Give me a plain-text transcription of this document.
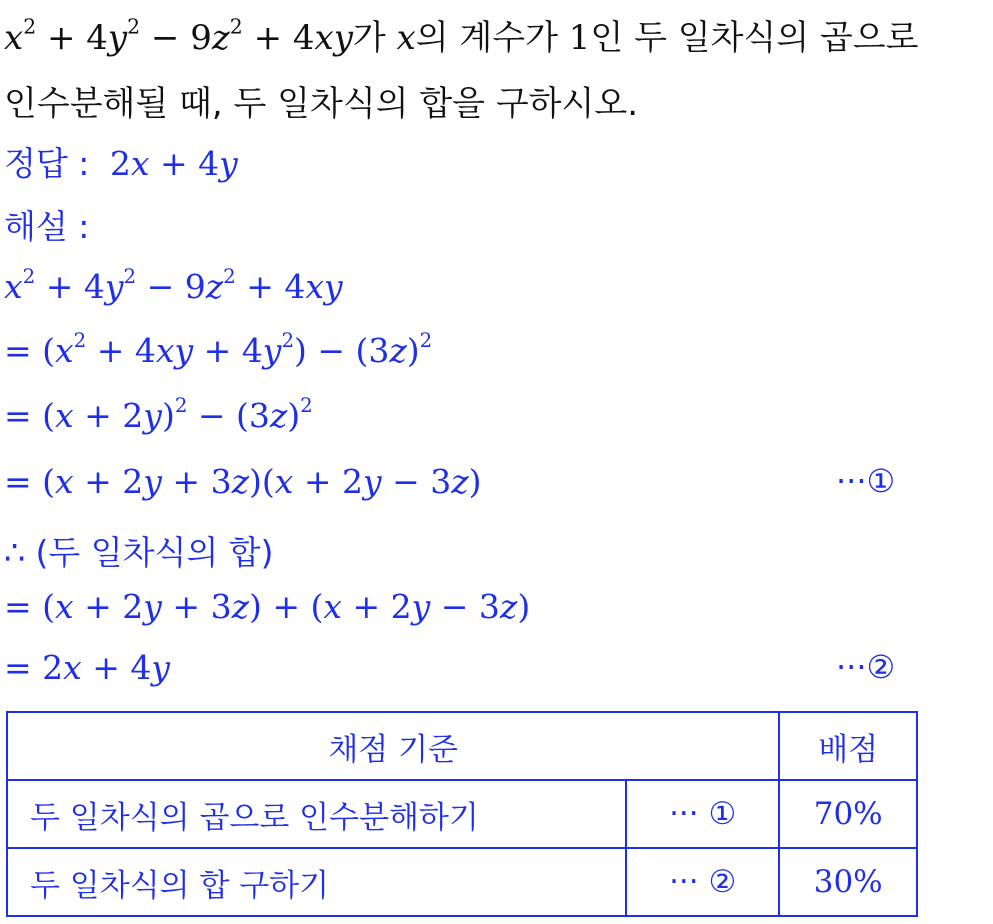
$x^2 + 4y^2 - 9z^2 + 4xy$가 x의 계수가 1인 두 일차식의 곱으로
인수분해될 때, 두 일차식의 합을 구하시오.
정답 : 2x + 4y
해설 :
$x^2 + 4y^2 - 9z^2 + 4xy$
= $(x^2 + 4xy + 4y^2) - (3z)^2$
= $(x + 2y)^2 - (3z)^2$
= (x + 2y + 3z)(x + 2y − 3z)	···①
∴ (두 일차식의 합)
= (x + 2y + 3z) + (x + 2y − 3z)
= 2x + 4y	···②
채점 기준		배점
두 일차식의 곱으로 인수분해하기	··· ①	70%
두 일차식의 합 구하기	··· ②	30%
